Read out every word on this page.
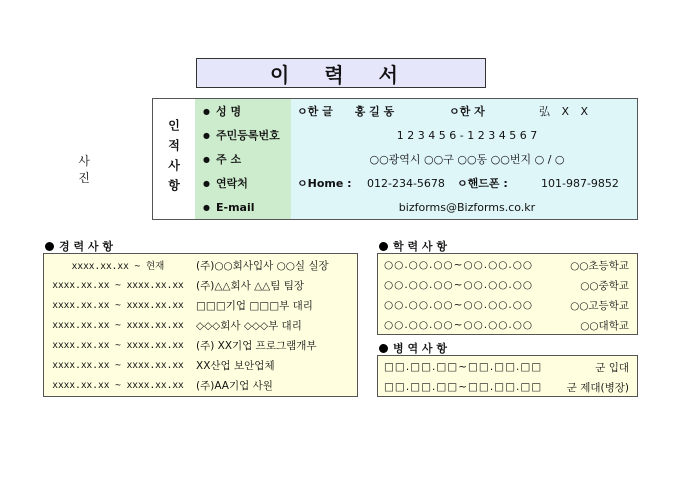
이 력 서
사 진	인적사항
● 성 명	ㅇ한 글　　홍 길 동	ㅇ한 자	弘 X X
● 주민등록번호	1 2 3 4 5 6 - 1 2 3 4 5 6 7
● 주 소	○○광역시 ○○구 ○○동 ○○번지 ○ / ○
● 연락처	ㅇHome :	012-234-5678	ㅇ핸드폰 :	101-987-9852
● E-mail	bizforms@Bizforms.co.kr
경 력 사 항
xxxx.xx.xx ~ 현재	(주)○○회사입사 ○○실 실장
xxxx.xx.xx ~ xxxx.xx.xx	(주)△△회사 △△팀 팀장
xxxx.xx.xx ~ xxxx.xx.xx	□□□기업 □□□부 대리
xxxx.xx.xx ~ xxxx.xx.xx	◇◇◇회사 ◇◇◇부 대리
xxxx.xx.xx ~ xxxx.xx.xx	(주) XX기업 프로그램개부
xxxx.xx.xx ~ xxxx.xx.xx	XX산업 보안업체
xxxx.xx.xx ~ xxxx.xx.xx	(주)AA기업 사원
학 력 사 항
○○.○○.○○~○○.○○.○○	○○초등학교
○○.○○.○○~○○.○○.○○	○○중학교
○○.○○.○○~○○.○○.○○	○○고등학교
○○.○○.○○~○○.○○.○○	○○대학교
병 역 사 항
□□.□□.□□~□□.□□.□□	군 입대
□□.□□.□□~□□.□□.□□	군 제대(병장)
